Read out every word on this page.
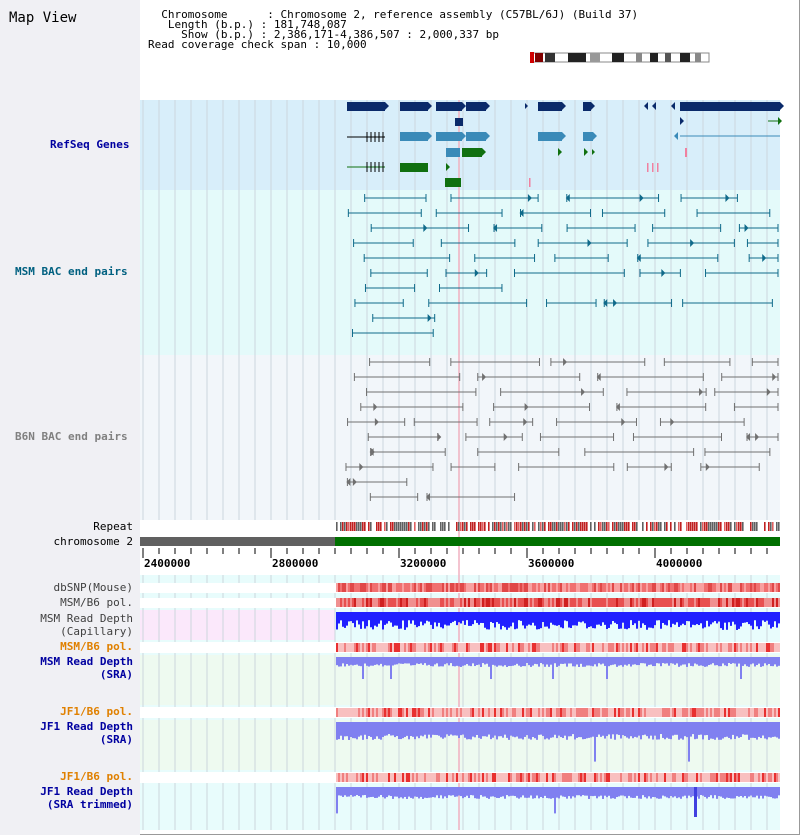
Map View	Chromosome      : Chromosome 2, reference assembly (C57BL/6J) (Build 37)
Length (b.p.) : 181,748,087
Show (b.p.) : 2,386,171-4,386,507 : 2,000,337 bp
Read coverage check span : 10,000
RefSeq Genes
MSM BAC end pairs
B6N BAC end pairs
Repeat
chromosome 2
dbSNP(Mouse)
MSM/B6 pol.
MSM Read Depth
(Capillary)
MSM/B6 pol.
MSM Read Depth
(SRA)
JF1/B6 pol.
JF1 Read Depth
(SRA)
JF1/B6 pol.
JF1 Read Depth
(SRA trimmed)
2400000	2800000	3200000	3600000	4000000
